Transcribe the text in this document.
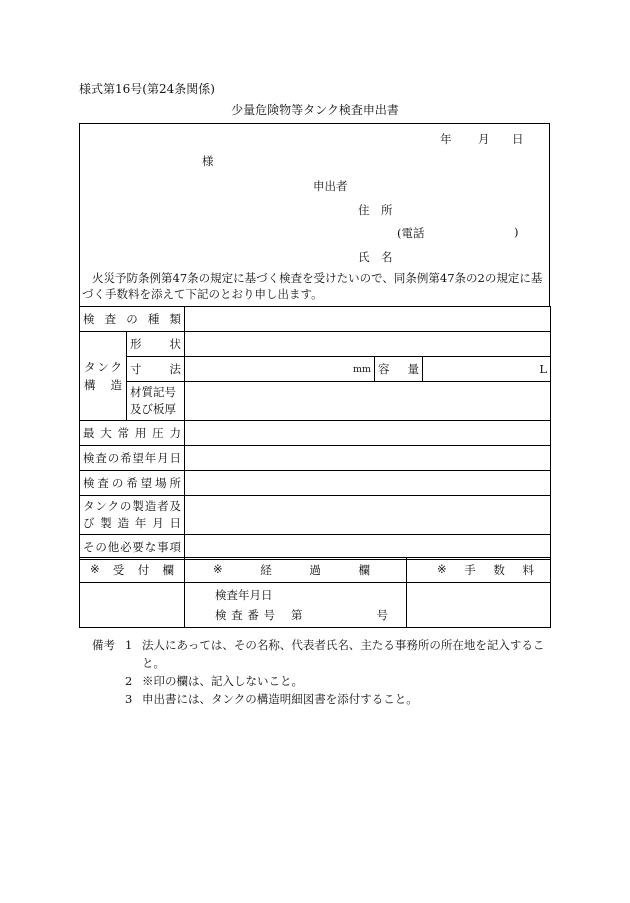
様式第16号(第24条関係)
少量危険物等タンク検査申出書
年 月 日
様
申出者
住　所
(電話	)
氏　名
火災予防条例第47条の規定に基づく検査を受けたいので、同条例第47条の2の規定に基づく手数料を添えて下記のとおり申し出ます。
検査の種類				
タンク構造	形状			
	寸法	mm	容量	L
	材質記号及び板厚			
最大常用圧力				
検査の希望年月日				
検査の希望場所				
タンクの製造者及び製造年月日				
その他必要な事項				
※ 受 付 欄	※ 経 過 欄	※ 手 数 料

	検査年月日
検査番号 第 号	

備考 1 法人にあっては、その名称、代表者氏名、主たる事務所の所在地を記入すること。
2 ※印の欄は、記入しないこと。
3 申出書には、タンクの構造明細図書を添付すること。
